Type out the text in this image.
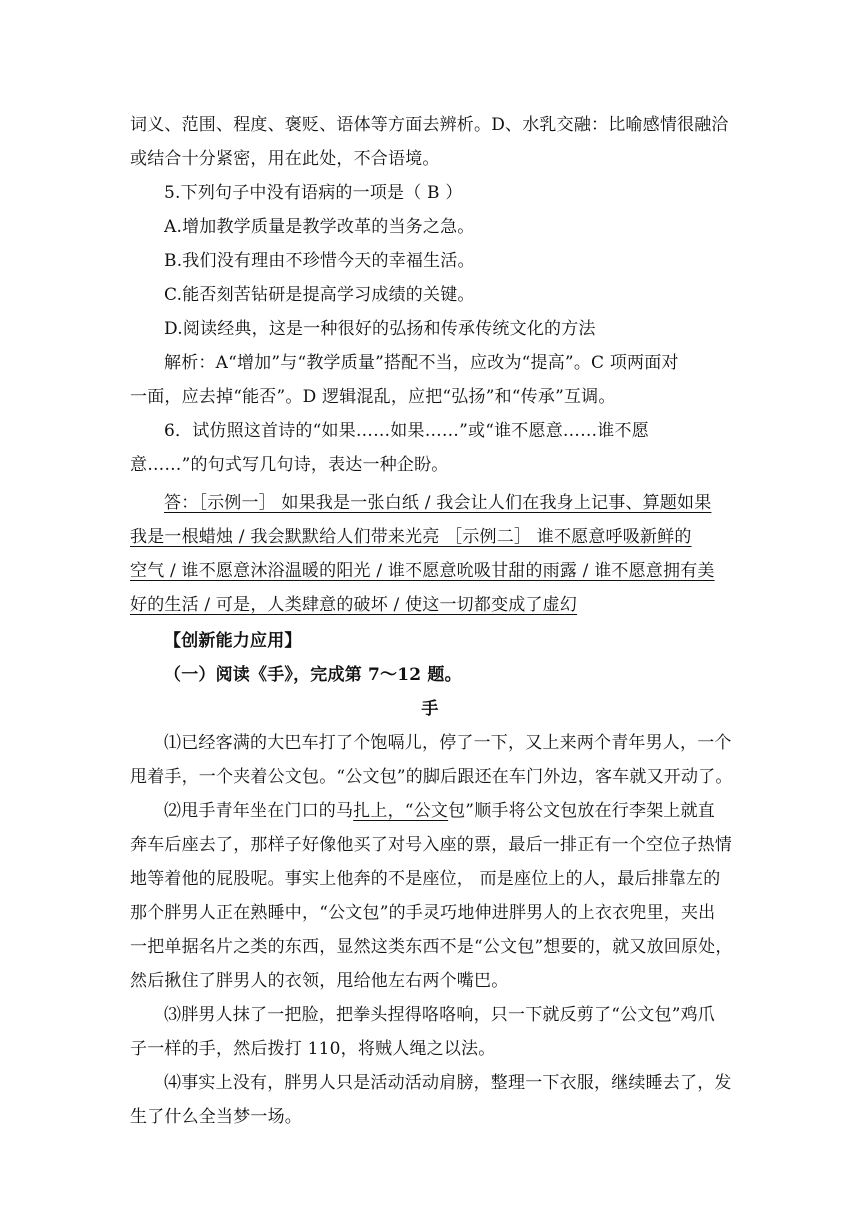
词义、范围、程度、褒贬、语体等方面去辨析。D、水乳交融：比喻感情很融洽
或结合十分紧密，用在此处，不合语境。
5.下列句子中没有语病的一项是（ B ）
A.增加教学质量是教学改革的当务之急。
B.我们没有理由不珍惜今天的幸福生活。
C.能否刻苦钻研是提高学习成绩的关键。
D.阅读经典，这是一种很好的弘扬和传承传统文化的方法
解析：A“增加”与“教学质量”搭配不当，应改为“提高”。C 项两面对
一面，应去掉“能否”。D 逻辑混乱，应把“弘扬”和“传承”互调。
6．试仿照这首诗的“如果……如果……”或“谁不愿意……谁不愿
意……”的句式写几句诗，表达一种企盼。
答：［示例一］ 如果我是一张白纸 / 我会让人们在我身上记事、算题如果
我是一根蜡烛 / 我会默默给人们带来光亮 ［示例二］ 谁不愿意呼吸新鲜的
空气 / 谁不愿意沐浴温暖的阳光 / 谁不愿意吮吸甘甜的雨露 / 谁不愿意拥有美
好的生活 / 可是，人类肆意的破坏 / 使这一切都变成了虚幻
【创新能力应用】
（一）阅读《手》，完成第 7～12 题。
手
⑴已经客满的大巴车打了个饱嗝儿，停了一下，又上来两个青年男人，一个
甩着手，一个夹着公文包。“公文包”的脚后跟还在车门外边，客车就又开动了。
⑵甩手青年坐在门口的马扎上，“公文包”顺手将公文包放在行李架上就直
奔车后座去了，那样子好像他买了对号入座的票，最后一排正有一个空位子热情
地等着他的屁股呢。事实上他奔的不是座位， 而是座位上的人，最后排靠左的
那个胖男人正在熟睡中，“公文包”的手灵巧地伸进胖男人的上衣衣兜里，夹出
一把单据名片之类的东西，显然这类东西不是“公文包”想要的，就又放回原处，
然后揪住了胖男人的衣领，甩给他左右两个嘴巴。
⑶胖男人抹了一把脸，把拳头捏得咯咯响，只一下就反剪了“公文包”鸡爪
子一样的手，然后拨打 110，将贼人绳之以法。
⑷事实上没有，胖男人只是活动活动肩膀，整理一下衣服，继续睡去了，发
生了什么全当梦一场。
